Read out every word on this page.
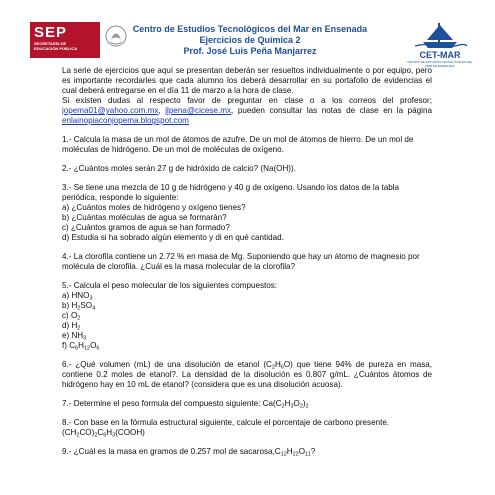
SEP
SECRETARÍA DE
EDUCACIÓN PÚBLICA
Centro de Estudios Tecnológicos del Mar en Ensenada
Ejercicios de Química 2
Prof. José Luis Peña Manjarrez	CET-MAR
CENTRO DE ESTUDIOS TECNOLÓGICOS DEL MAR EN ENSENADA

La serie de ejercicios que aquí se presentan deberán ser resueltos individualmente o por equipo, pero es importante recordarles que cada alumno los deberá desarrollar en su portafolio de evidencias el cual deberá entregarse en el día 11 de marzo a la hora de clase.
Si existen dudas al respecto favor de preguntar en clase o a los correos del profesor; jopema01@yahoo.com.mx, jlpena@cicese.mx, pueden consultar las notas de clase en la página enlainopiaconjopema.blogspot.com

1.- Calcula la masa de un mol de átomos de azufre. De un mol de átomos de hierro. De un mol de moléculas de hidrógeno. De un mol de moléculas de oxígeno.

2.- ¿Cuántos moles serán 27 g de hidróxido de calcio? (Na(OH)).

3.- Se tiene una mezcla de 10 g de hidrógeno y 40 g de oxígeno. Usando los datos de la tabla periódica, responde lo siguiente:

a) ¿Cuántos moles de hidrógeno y oxígeno tienes?

b) ¿Cuántas moléculas de agua se formarán?

c) ¿Cuántos gramos de agua se han formado?

d) Estudia si ha sobrado algún elemento y di en qué cantidad.

4.- La clorofila contiene un 2.72 % en masa de Mg. Suponiendo que hay un átomo de magnesio por molécula de clorofila. ¿Cuál es la masa molecular de la clorofila?

5.- Calcula el peso molecular de los siguientes compuestos:

a) $HNO_3$

b) $H_2SO_4$

c) $O_2$

d) $H_2$

e) $NH_3$

f) $C_6H_{12}O_6$

6.- ¿Qué volumen (mL) de una disolución de etanol $(C_2H_6O)$ que tiene 94% de pureza en masa, contiene 0.2 moles de etanol?. La densidad de la disolución es 0.807 g/mL. ¿Cuántos átomos de hidrógeno hay en 10 mL de etanol? (considera que es una disolución acuosa).

7.- Determine el peso formula del compuesto siguiente: $Ca(C_2H_3O_2)_2$

8.- Con base en la fórmula estructural siguiente, calcule el porcentaje de carbono presente. $(CH_2CO)_2C_6H_3(COOH)$

9.- ¿Cuál es la masa en gramos de 0.257 mol de $sacarosa,C_{12}H_{22}O_{11}$?
